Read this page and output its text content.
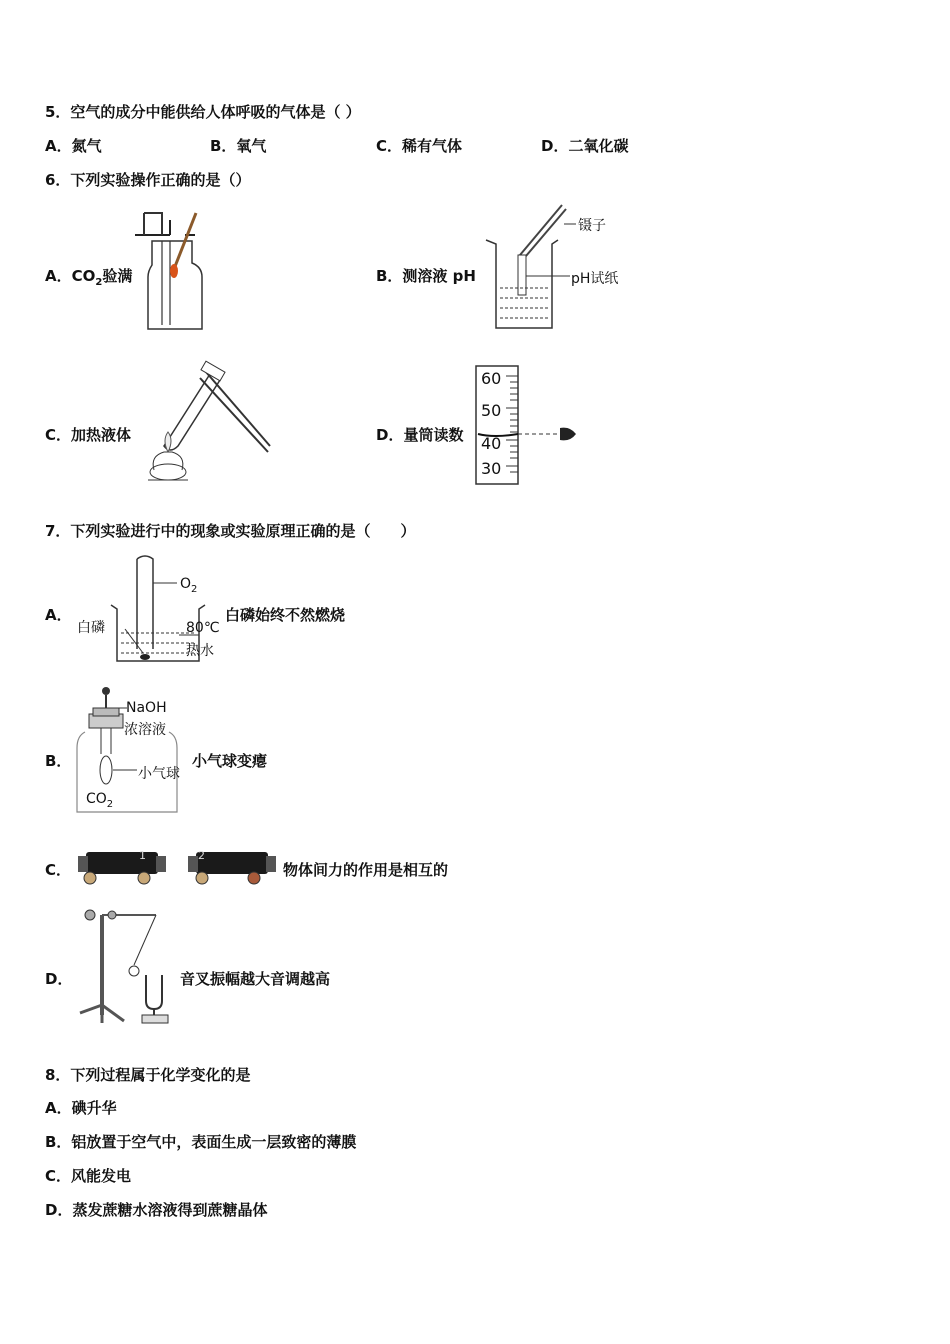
5．空气的成分中能供给人体呼吸的气体是（ ）
A．氮气	B．氧气	C．稀有气体	D．二氧化碳
6．下列实验操作正确的是（）
A．$CO_2$验满	B．测溶液 pH
镊子
pH试纸
C．加热液体	D．量筒读数
60
50
40
30
7．下列实验进行中的现象或实验原理正确的是（　　）
A．
$O_2$
白磷	80℃
热水
白磷始终不然燃烧
B．
NaOH
浓溶液
小气球
$CO_2$
小气球变瘪
C．
1	2
物体间力的作用是相互的
D．	音叉振幅越大音调越高
8．下列过程属于化学变化的是
A．碘升华
B．铝放置于空气中，表面生成一层致密的薄膜
C．风能发电
D．蒸发蔗糖水溶液得到蔗糖晶体
